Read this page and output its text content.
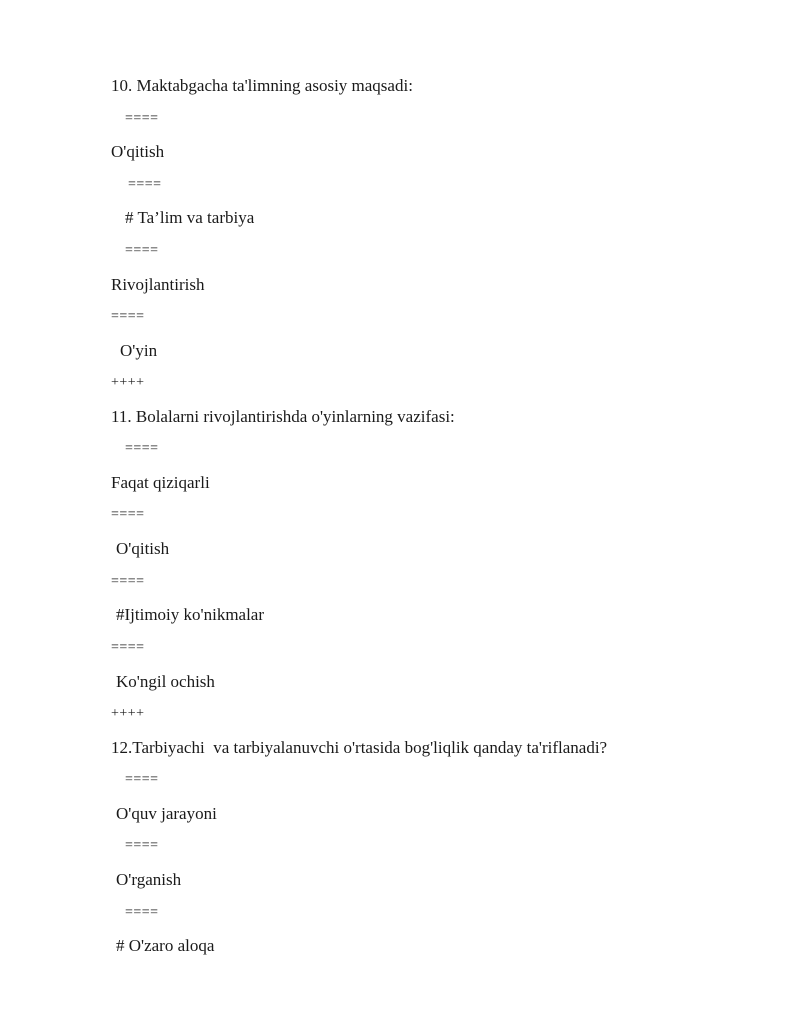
10. Maktabgacha ta'limning asosiy maqsadi:
====
O'qitish
====
# Ta’lim va tarbiya
====
Rivojlantirish
====
O'yin
++++
11. Bolalarni rivojlantirishda o'yinlarning vazifasi:
====
Faqat qiziqarli
====
O'qitish
====
#Ijtimoiy ko'nikmalar
====
Ko'ngil ochish
++++
12.Tarbiyachi  va tarbiyalanuvchi o'rtasida bog'liqlik qanday ta'riflanadi?
====
O'quv jarayoni
====
O'rganish
====
# O'zaro aloqa
